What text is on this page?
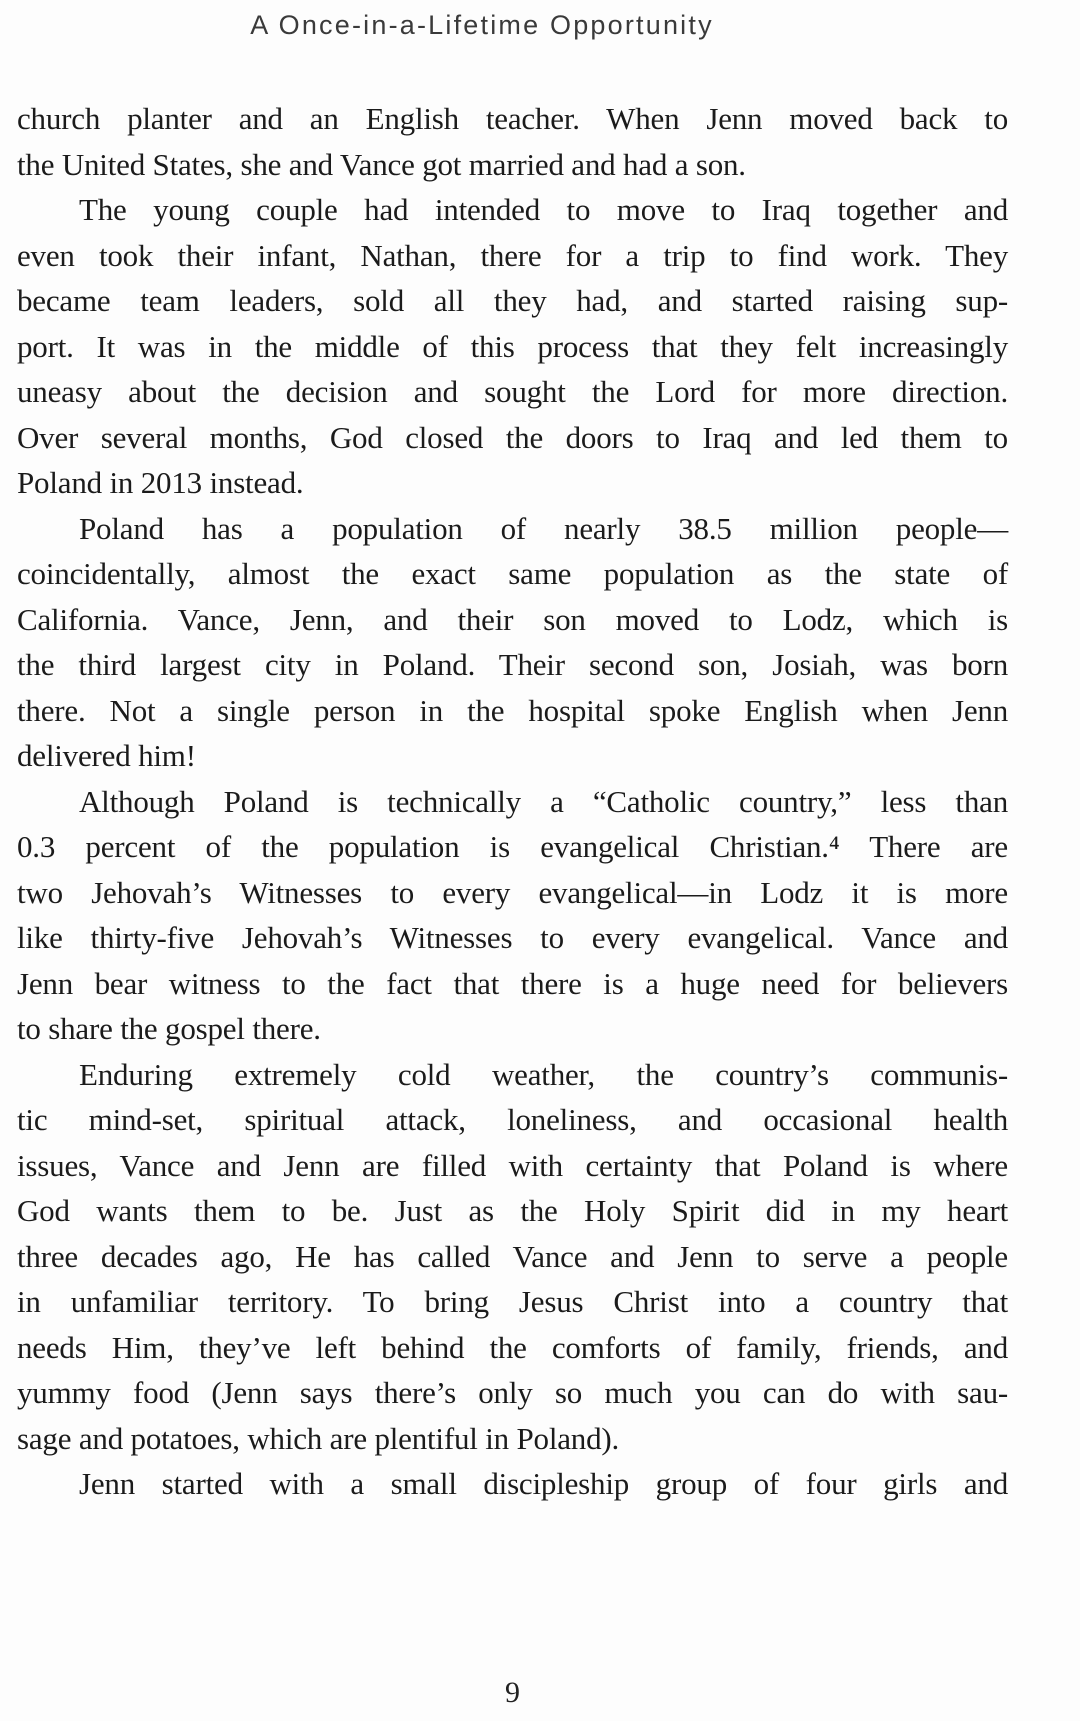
A Once-in-a-Lifetime Opportunity
church planter and an English teacher. When Jenn moved back to
the United States, she and Vance got married and had a son.
The young couple had intended to move to Iraq together and
even took their infant, Nathan, there for a trip to find work. They
became team leaders, sold all they had, and started raising sup-
port. It was in the middle of this process that they felt increasingly
uneasy about the decision and sought the Lord for more direction.
Over several months, God closed the doors to Iraq and led them to
Poland in 2013 instead.
Poland has a population of nearly 38.5 million people—
coincidentally, almost the exact same population as the state of
California. Vance, Jenn, and their son moved to Lodz, which is
the third largest city in Poland. Their second son, Josiah, was born
there. Not a single person in the hospital spoke English when Jenn
delivered him!
Although Poland is technically a “Catholic country,” less than
0.3 percent of the population is evangelical Christian.⁴ There are
two Jehovah’s Witnesses to every evangelical—in Lodz it is more
like thirty-five Jehovah’s Witnesses to every evangelical. Vance and
Jenn bear witness to the fact that there is a huge need for believers
to share the gospel there.
Enduring extremely cold weather, the country’s communis-
tic mind-set, spiritual attack, loneliness, and occasional health
issues, Vance and Jenn are filled with certainty that Poland is where
God wants them to be. Just as the Holy Spirit did in my heart
three decades ago, He has called Vance and Jenn to serve a people
in unfamiliar territory. To bring Jesus Christ into a country that
needs Him, they’ve left behind the comforts of family, friends, and
yummy food (Jenn says there’s only so much you can do with sau-
sage and potatoes, which are plentiful in Poland).
Jenn started with a small discipleship group of four girls and
9
